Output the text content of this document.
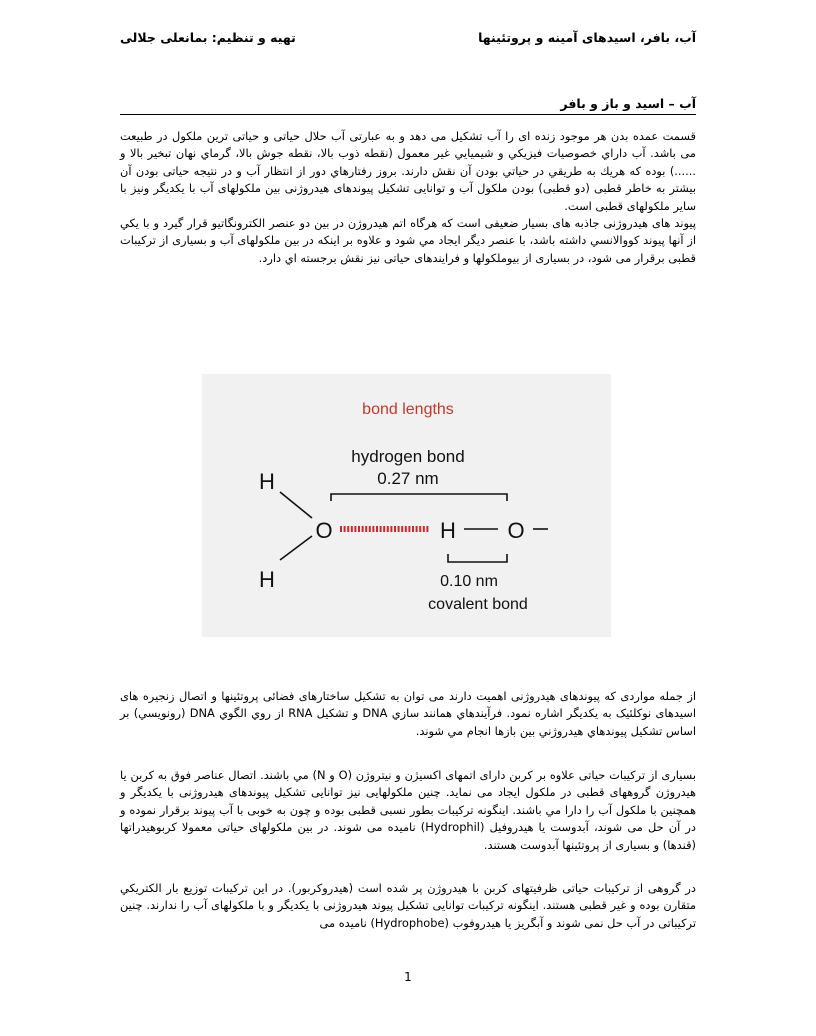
آب، بافر، اسیدهای آمینه و پروتئینها
تهیه و تنظیم: بمانعلی جلالی
آب – اسید و باز و بافر

قسمت عمده بدن هر موجود زنده ای را آب تشکیل می دهد و به عبارتی آب حلال حیاتی و حیاتی ترین ملکول در طبیعت می باشد. آب داراي خصوصيات فيزيكي و شيميايي غير معمول (نقطه ذوب بالا، نقطه جوش بالا، گرماي نهان تبخير بالا و ......) بوده كه هريك به طريقي در حياتي بودن آن نقش دارند. بروز رفتارهاي دور از انتظار آب و در نتیجه حیاتی بودن آن بیشتر به خاطر قطبی (دو قطبی) بودن ملکول آب و توانایی تشکیل پیوندهای هیدروژنی بین ملکولهای آب با یکدیگر ونیز با سایر ملکولهای قطبی است.
پیوند های هیدروژنی جاذبه های بسیار ضعیفی است که هرگاه اتم هیدروژن در بین دو عنصر الکترونگاتیو قرار گیرد و با یكي از آنها پيوند كووالانسي داشته باشد، با عنصر ديگر ايجاد مي شود و علاوه بر اينكه در بين ملکولهای آب و بسیاری از ترکیبات قطبی برقرار می شود، در بسیاری از بیوملکولها و فرایندهای حیاتی نیز نقش برجسته اي دارد.

bond lengths
hydrogen bond
0.27 nm
H
H
O	H O
0.10 nm
covalent bond

از جمله مواردی که پیوندهای هیدروژنی اهمیت دارند می توان به تشکیل ساختارهای فضائی پروتئینها و اتصال زنجیره های اسیدهای نوکلئیک به یکدیگر اشاره نمود. فرآيندهاي همانند سازي DNA و تشکیل RNA از روي الگوي DNA (رونويسي) بر اساس تشكيل پيوندهاي هيدروژني بين بازها انجام مي شوند.

بسیاری از ترکیبات حیاتی علاوه بر کربن دارای اتمهای اکسیژن و نیتروژن (O و N) مي باشند. اتصال عناصر فوق به کربن یا هیدروژن گروههای قطبی در ملکول ایجاد می نماید. چنین ملکولهایی نیز توانایی تشکیل پیوندهای هیدروژنی با یکدیگر و همچنین با ملکول آب را دارا مي باشند. اینگونه ترکیبات بطور نسبی قطبی بوده و چون به خوبی با آب پیوند برقرار نموده و در آن حل می شوند، آبدوست یا هیدروفیل (Hydrophil) نامیده می شوند. در بین ملکولهای حیاتی معمولا کربوهیدراتها (قندها) و بسیاری از پروتئینها آبدوست هستند.

در گروهی از ترکیبات حیاتی ظرفیتهای کربن با هیدروژن پر شده است (هیدروکربور). در این ترکیبات توزیع بار الكتريكي متقارن بوده و غیر قطبی هستند. اینگونه ترکیبات توانایی تشکیل پیوند هیدروژنی با یکدیگر و با ملکولهای آب را ندارند. چنین ترکیباتی در آب حل نمی شوند و آبگریز یا هیدروفوب (Hydrophobe) نامیده می

1
